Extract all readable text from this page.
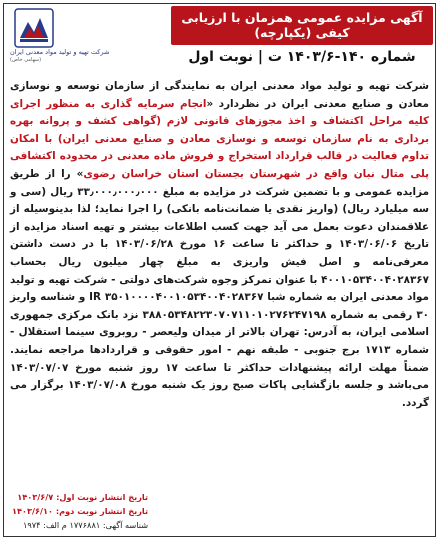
آگهی مزایده عمومی همزمان با ارزیابی کیفی (یکپارچه)
شماره ۱۴۰-۱۴۰۳/۶ ت | نوبت اول
شرکت تهیه و تولید مواد معدنی ایران
(سهامی خاص)
شرکت تهیه و تولید مواد معدنی ایران به نمایندگی از سازمان توسعه و نوسازی معادن و صنایع معدنی ایران در نظردارد «انجام سرمایه گذاری به منظور اجرای کلیه مراحل اکتشاف و اخذ مجوزهای قانونی لازم (گواهی کشف و پروانه بهره برداری به نام سازمان توسعه و نوسازی معادن و صنایع معدنی ایران) با امکان تداوم فعالیت در قالب قرارداد استخراج و فروش ماده معدنی در محدوده اکتشافی پلی متال نبان واقع در شهرستان بجستان استان خراسان رضوی» را از طریق مزایده عمومی و با تضمین شرکت در مزایده به مبلغ ۳۳٫۰۰۰٫۰۰۰٫۰۰۰ ریال (سی و سه میلیارد ریال) (واریز نقدی یا ضمانت‌نامه بانکی) را اجرا نماید؛ لذا بدینوسیله از علاقمندان دعوت بعمل می آید جهت کسب اطلاعات بیشتر و تهیه اسناد مزایده از تاریخ ۱۴۰۳/۰۶/۰۶ و حداکثر تا ساعت ۱۶ مورخ ۱۴۰۳/۰۶/۲۸ با در دست داشتن معرفی‌نامه و اصل فیش واریزی به مبلغ چهار میلیون ریال بحساب ۴۰۰۱۰۵۳۴۰۰۴۰۲۸۳۶۷ با عنوان تمرکز وجوه شرکت‌های دولتی - شرکت تهیه و تولید مواد معدنی ایران به شماره شبا IR ۳۵۰۱۰۰۰۰۴۰۰۱۰۵۳۴۰۰۴۰۲۸۳۶۷ و شناسه واریز ۳۰ رقمی به شماره ۳۸۸۰۵۳۴۸۲۲۳۰۷۰۷۱۱۰۱۰۲۷۶۲۴۷۱۹۸ نزد بانک مرکزی جمهوری اسلامی ایران، به آدرس: تهران بالاتر از میدان ولیعصر - روبروی سینما استقلال - شماره ۱۷۱۳ برج جنوبی - طبقه نهم - امور حقوقی و قراردادها مراجعه نمایند. ضمناً مهلت ارائه پیشنهادات حداکثر تا ساعت ۱۷ روز شنبه مورخ ۱۴۰۳/۰۷/۰۷ می‌باشد و جلسه بازگشایی پاکات صبح روز یک شنبه مورخ ۱۴۰۳/۰۷/۰۸ برگزار می گردد.
تاریخ انتشار نوبت اول: ۱۴۰۳/۶/۷
تاریخ انتشار نوبت دوم: ۱۴۰۳/۶/۱۰
شناسه آگهی: ۱۷۷۶۸۸۱ م الف: ۱۹۷۴
